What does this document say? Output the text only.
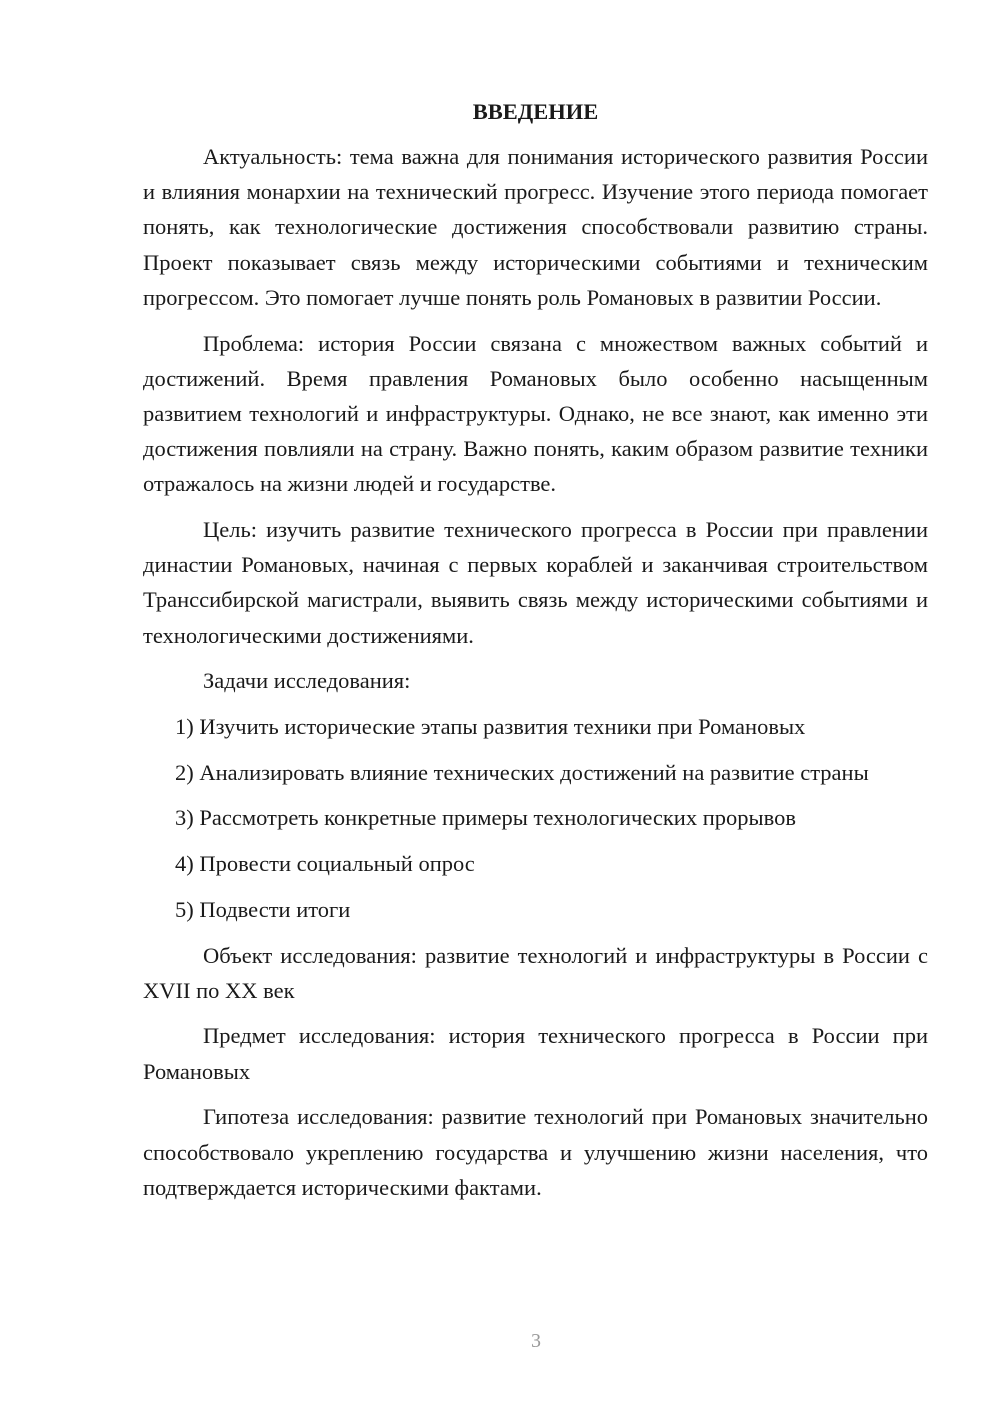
ВВЕДЕНИЕ

Актуальность: тема важна для понимания исторического развития России и влияния монархии на технический прогресс. Изучение этого периода помогает понять, как технологические достижения способствовали развитию страны. Проект показывает связь между историческими событиями и техническим прогрессом. Это помогает лучше понять роль Романовых в развитии России.

Проблема: история России связана с множеством важных событий и достижений. Время правления Романовых было особенно насыщенным развитием технологий и инфраструктуры. Однако, не все знают, как именно эти достижения повлияли на страну. Важно понять, каким образом развитие техники отражалось на жизни людей и государстве.

Цель: изучить развитие технического прогресса в России при правлении династии Романовых, начиная с первых кораблей и заканчивая строительством Транссибирской магистрали, выявить связь между историческими событиями и технологическими достижениями.

Задачи исследования:

1) Изучить исторические этапы развития техники при Романовых

2) Анализировать влияние технических достижений на развитие страны

3) Рассмотреть конкретные примеры технологических прорывов

4) Провести социальный опрос

5) Подвести итоги

Объект исследования: развитие технологий и инфраструктуры в России с XVII по XX век

Предмет исследования: история технического прогресса в России при Романовых

Гипотеза исследования: развитие технологий при Романовых значительно способствовало укреплению государства и улучшению жизни населения, что подтверждается историческими фактами.

3
